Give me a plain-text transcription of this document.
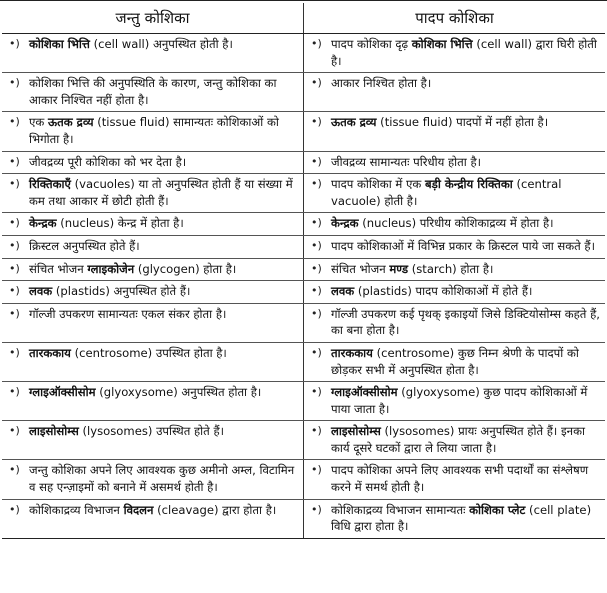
जन्तु कोशिका	पादप कोशिका

•) कोशिका भित्ति (cell wall) अनुपस्थित होती है।	•) पादप कोशिका दृढ़ कोशिका भित्ति (cell wall) द्वारा घिरी होती है।

•) कोशिका भित्ति की अनुपस्थिति के कारण, जन्तु कोशिका का आकार निश्चित नहीं होता है।	•) आकार निश्चित होता है।

•) एक ऊतक द्रव्य (tissue fluid) सामान्यतः कोशिकाओं को भिगोता है।	•) ऊतक द्रव्य (tissue fluid) पादपों में नहीं होता है।

•) जीवद्रव्य पूरी कोशिका को भर देता है।	•) जीवद्रव्य सामान्यतः परिधीय होता है।

•) रिक्तिकाएँ (vacuoles) या तो अनुपस्थित होती हैं या संख्या में कम तथा आकार में छोटी होती हैं।	•) पादप कोशिका में एक बड़ी केन्द्रीय रिक्तिका (central vacuole) होती है।

•) केन्द्रक (nucleus) केन्द्र में होता है।	•) केन्द्रक (nucleus) परिधीय कोशिकाद्रव्य में होता है।

•) क्रिस्टल अनुपस्थित होते हैं।	•) पादप कोशिकाओं में विभिन्न प्रकार के क्रिस्टल पाये जा सकते हैं।

•) संचित भोजन ग्लाइकोजेन (glycogen) होता है।	•) संचित भोजन मण्ड (starch) होता है।

•) लवक (plastids) अनुपस्थित होते हैं।	•) लवक (plastids) पादप कोशिकाओं में होते हैं।

•) गॉल्जी उपकरण सामान्यतः एकल संकर होता है।	•) गॉल्जी उपकरण कई पृथक् इकाइयों जिसे डिक्टियोसोम्स कहते हैं, का बना होता है।

•) तारककाय (centrosome) उपस्थित होता है।	•) तारककाय (centrosome) कुछ निम्न श्रेणी के पादपों को छोड़कर सभी में अनुपस्थित होता है।

•) ग्लाइऑक्सीसोम (glyoxysome) अनुपस्थित होता है।	•) ग्लाइऑक्सीसोम (glyoxysome) कुछ पादप कोशिकाओं में पाया जाता है।

•) लाइसोसोम्स (lysosomes) उपस्थित होते हैं।	•) लाइसोसोम्स (lysosomes) प्रायः अनुपस्थित होते हैं। इनका कार्य दूसरे घटकों द्वारा ले लिया जाता है।

•) जन्तु कोशिका अपने लिए आवश्यक कुछ अमीनो अम्ल, विटामिन व सह एन्ज़ाइमों को बनाने में असमर्थ होती है।	•) पादप कोशिका अपने लिए आवश्यक सभी पदार्थों का संश्लेषण करने में समर्थ होती है।

•) कोशिकाद्रव्य विभाजन विदलन (cleavage) द्वारा होता है।	•) कोशिकाद्रव्य विभाजन सामान्यतः कोशिका प्लेट (cell plate) विधि द्वारा होता है।
